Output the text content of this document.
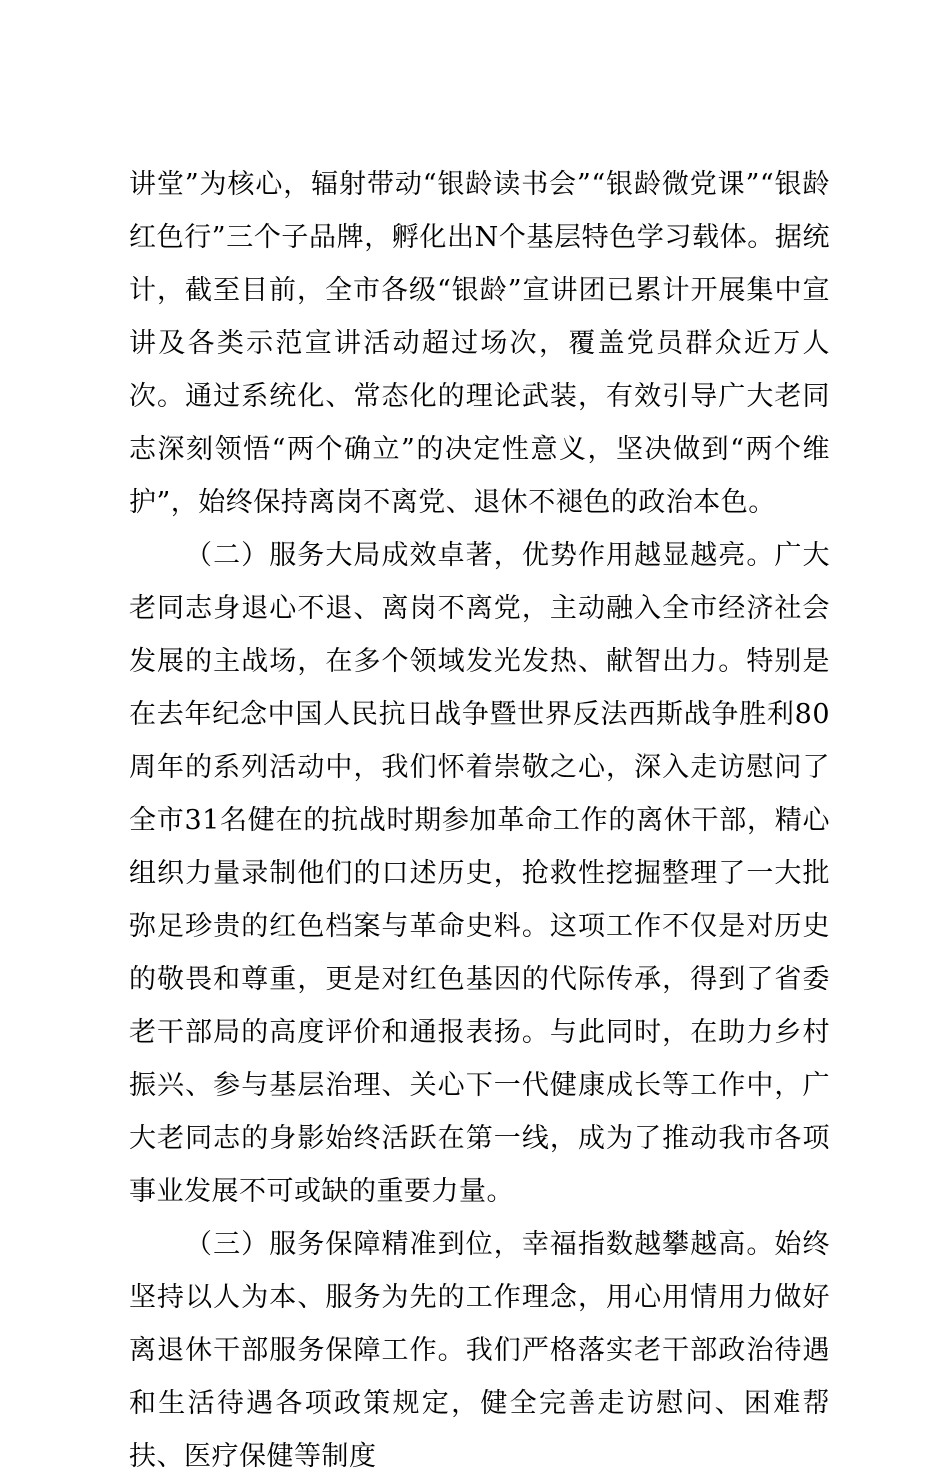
讲堂”为核心，辐射带动“银龄读书会”“银龄微党课”“银龄红色行”三个子品牌，孵化出N个基层特色学习载体。据统计，截至目前，全市各级“银龄”宣讲团已累计开展集中宣讲及各类示范宣讲活动超过场次，覆盖党员群众近万人次。通过系统化、常态化的理论武装，有效引导广大老同志深刻领悟“两个确立”的决定性意义，坚决做到“两个维护”，始终保持离岗不离党、退休不褪色的政治本色。

（二）服务大局成效卓著，优势作用越显越亮。广大老同志身退心不退、离岗不离党，主动融入全市经济社会发展的主战场，在多个领域发光发热、献智出力。特别是在去年纪念中国人民抗日战争暨世界反法西斯战争胜利80周年的系列活动中，我们怀着崇敬之心，深入走访慰问了全市31名健在的抗战时期参加革命工作的离休干部，精心组织力量录制他们的口述历史，抢救性挖掘整理了一大批弥足珍贵的红色档案与革命史料。这项工作不仅是对历史的敬畏和尊重，更是对红色基因的代际传承，得到了省委老干部局的高度评价和通报表扬。与此同时，在助力乡村振兴、参与基层治理、关心下一代健康成长等工作中，广大老同志的身影始终活跃在第一线，成为了推动我市各项事业发展不可或缺的重要力量。

（三）服务保障精准到位，幸福指数越攀越高。始终坚持以人为本、服务为先的工作理念，用心用情用力做好离退休干部服务保障工作。我们严格落实老干部政治待遇和生活待遇各项政策规定，健全完善走访慰问、困难帮扶、医疗保健等制度
